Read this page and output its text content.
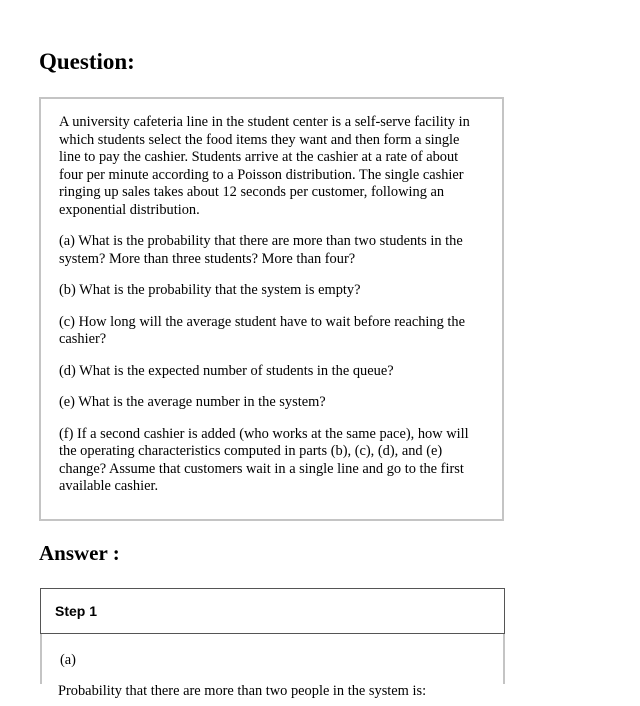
Question:

A university cafeteria line in the student center is a self-serve facility in which students select the food items they want and then form a single line to pay the cashier. Students arrive at the cashier at a rate of about four per minute according to a Poisson distribution. The single cashier ringing up sales takes about 12 seconds per customer, following an exponential distribution.

(a) What is the probability that there are more than two students in the system? More than three students? More than four?

(b) What is the probability that the system is empty?

(c) How long will the average student have to wait before reaching the cashier?

(d) What is the expected number of students in the queue?

(e) What is the average number in the system?

(f) If a second cashier is added (who works at the same pace), how will the operating characteristics computed in parts (b), (c), (d), and (e) change? Assume that customers wait in a single line and go to the first available cashier.

Answer :
Step 1
(a)
Probability that there are more than two people in the system is:
